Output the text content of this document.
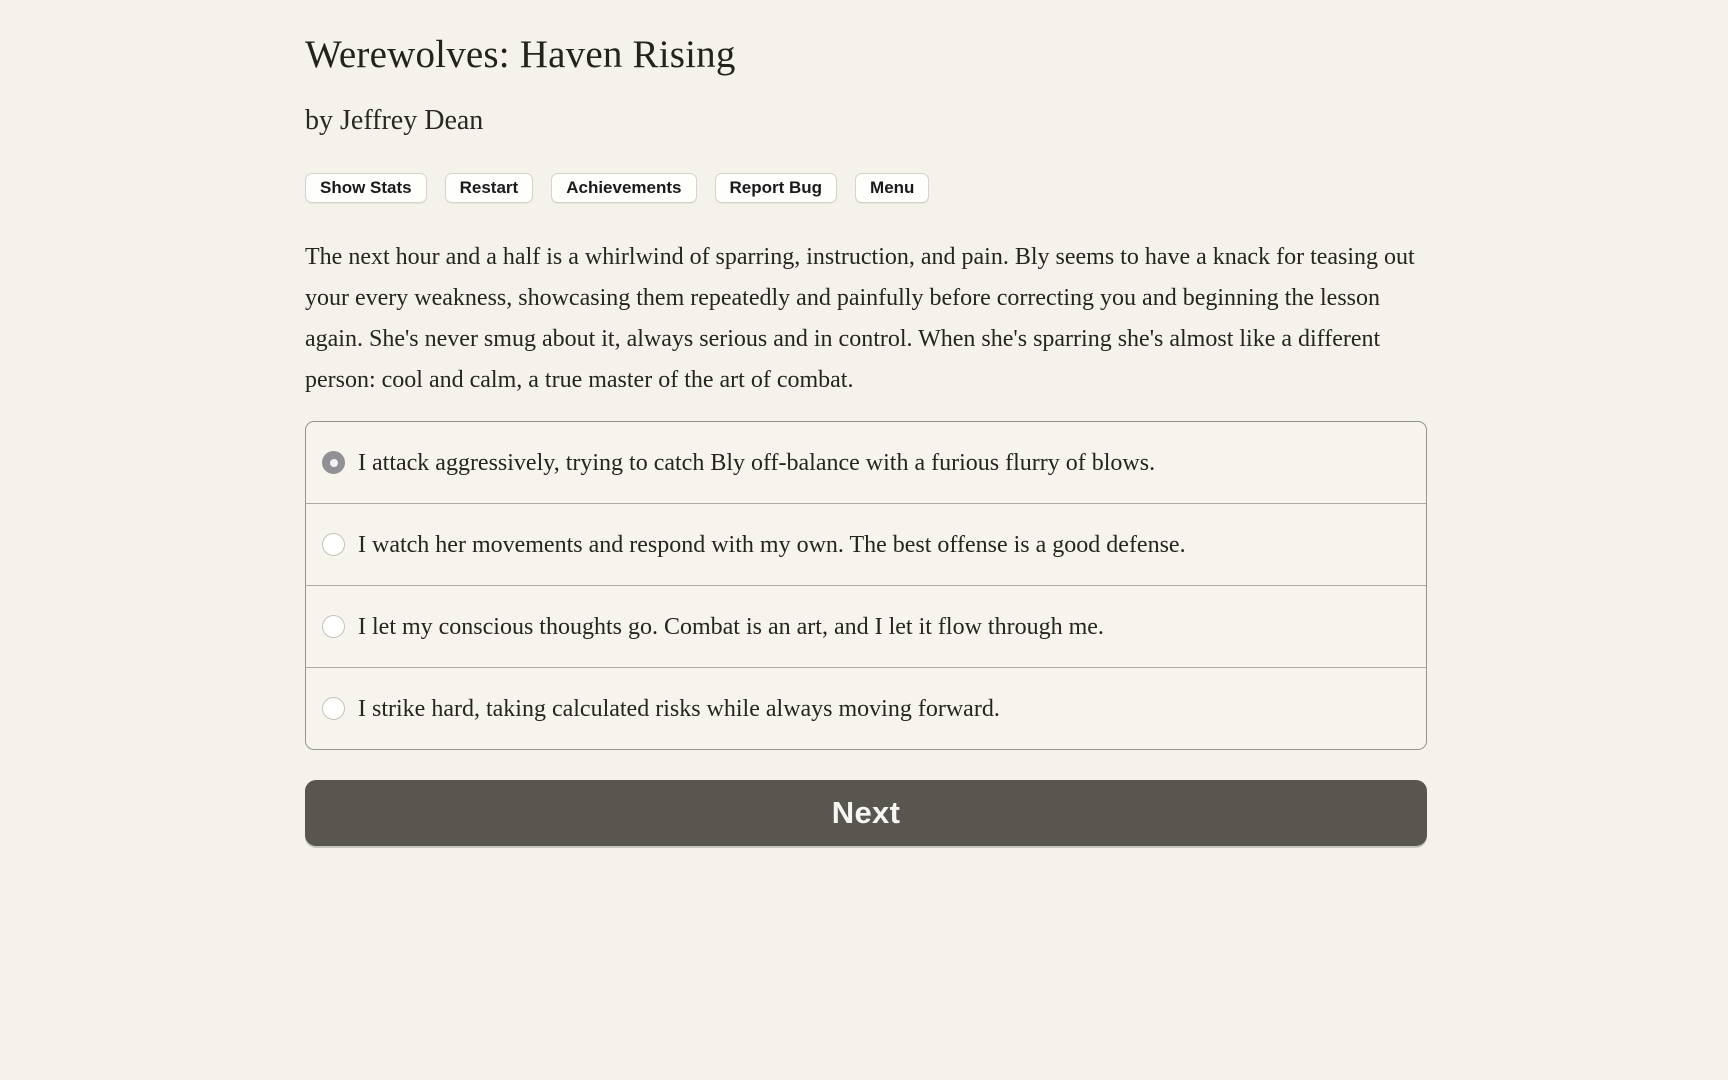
Werewolves: Haven Rising

by Jeffrey Dean

Show Stats	Restart	Achievements	Report Bug	Menu

The next hour and a half is a whirlwind of sparring, instruction, and pain. Bly seems to have a knack for teasing out your every weakness, showcasing them repeatedly and painfully before correcting you and beginning the lesson again. She's never smug about it, always serious and in control. When she's sparring she's almost like a different person: cool and calm, a true master of the art of combat.

I attack aggressively, trying to catch Bly off-balance with a furious flurry of blows.
I watch her movements and respond with my own. The best offense is a good defense.
I let my conscious thoughts go. Combat is an art, and I let it flow through me.
I strike hard, taking calculated risks while always moving forward.
Next
